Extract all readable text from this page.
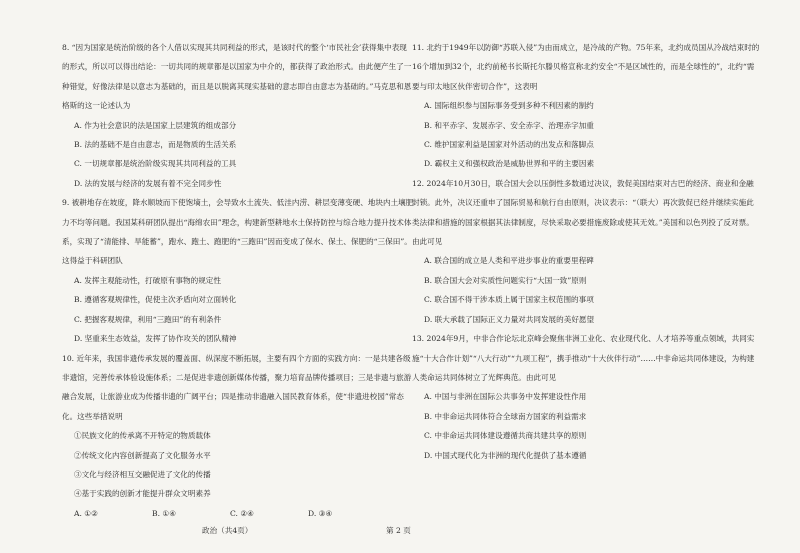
8. “因为国家是统治阶级的各个人借以实现其共同利益的形式，是该时代的整个‘市民社会’获得集中表现的形式，所以可以得出结论：一切共同的规章都是以国家为中介的，都获得了政治形式。由此便产生了一种错觉，好像法律是以意志为基础的，而且是以脱离其现实基础的意志即自由意志为基础的。”马克思和恩格斯的这一论述认为
A. 作为社会意识的法是国家上层建筑的组成部分
B. 法的基础不是自由意志，而是物质的生活关系
C. 一切规章都是统治阶级实现其共同利益的工具
D. 法的发展与经济的发展有着不完全同步性
9. 被耕地存在坡度，降水顺坡而下使饱墒土，会导致水土流失、低洼内涝、耕层变薄变硬、地块内土壤肥力不均等问题。我国某科研团队提出“海绵农田”理念，构建新型耕地水土保持防控与综合地力提升技术体系，实现了“清能排、旱能蓄”，跑水、跑土、跑肥的“三跑田”因而变成了保水、保土、保肥的“三保田”。这得益于科研团队
A. 发挥主观能动性，打破原有事物的规定性
B. 遵循客观规律性，促使主次矛盾向对立面转化
C. 把握客观规律，利用“三跑田”的有利条件
D. 坚重来生态效益，发挥了协作攻关的团队精神
10. 近年来，我国非遗传承发展的覆盖面、纵深度不断拓展，主要有四个方面的实践方向：一是共建各级非遗馆，完善传承体验设施体系；二是促进非遗创新媒体传播，聚力培育品牌传播项目；三是非遗与旅游融合发展，让旅游业成为传播非遗的广阔平台；四是推动非遗融入国民教育体系，使“非遗进校园”常态化。这些举措说明
①民族文化的传承离不开特定的物质载体
②传统文化内容创新提高了文化服务水平
③文化与经济相互交融促进了文化的传播
④基于实践的创新才能提升群众文明素养
A. ①②	B. ①④	C. ②④	D. ③④
11. 北约于1949年以防御“苏联入侵”为由而成立，是冷战的产物。75年来，北约成员国从冷战结束时的16个增加到32个，北约前秘书长斯托尔滕贝格宣称北约安全“不是区域性的，而是全球性的”，北约“需要与印太地区伙伴密切合作”，这表明
A. 国际组织参与国际事务受到多种不利因素的制约
B. 和平赤字、发展赤字、安全赤字、治理赤字加重
C. 维护国家利益是国家对外活动的出发点和落脚点
D. 霸权主义和强权政治是威胁世界和平的主要因素
12. 2024年10月30日，联合国大会以压倒性多数通过决议，敦促美国结束对古巴的经济、商业和金融封锁。此外，决议还重申了国际贸易和航行自由原则，决议表示：“（联大）再次敦促已经并继续实施此类法律和措施的国家根据其法律制度，尽快采取必要措施废除或使其无效。”美国和以色列投了反对票。由此可见
A. 联合国的成立是人类和平进步事业的重要里程碑
B. 联合国大会对实质性问题实行“大国一致”原则
C. 联合国不得干涉本质上属于国家主权范围的事项
D. 联大承载了国际正义力量对共同发展的美好愿望
13. 2024年9月，中非合作论坛北京峰会聚焦非洲工业化、农业现代化、人才培养等重点领域，共同实施“十大合作计划”“八大行动”“九项工程”，携手推动“十大伙伴行动”……中非命运共同体建设，为构建人类命运共同体树立了光辉典范。由此可见
A. 中国与非洲在国际公共事务中发挥建设性作用
B. 中非命运共同体符合全球南方国家的利益需求
C. 中非命运共同体建设遵循共商共建共享的原则
D. 中国式现代化为非洲的现代化提供了基本遵循
政治（共4页）	第 2 页
